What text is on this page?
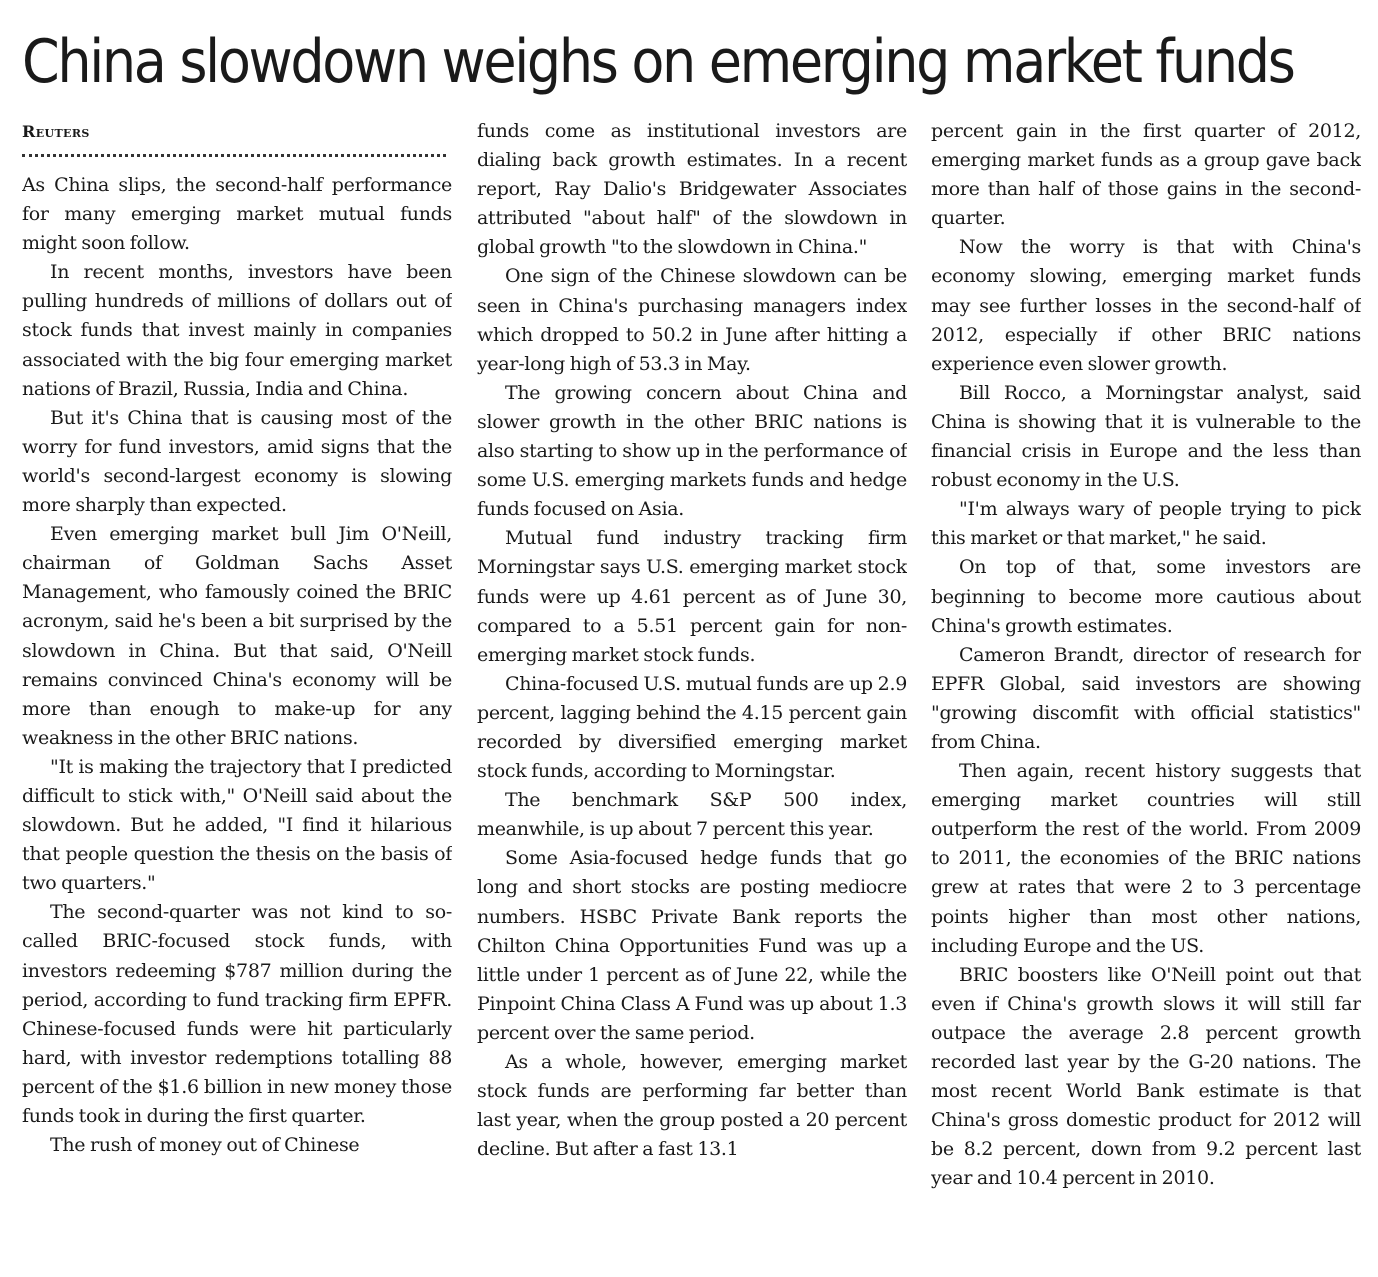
China slowdown weighs on emerging market funds
Reuters

As China slips, the second-half performance for many emerging market mutual funds might soon follow.

In recent months, investors have been pulling hundreds of millions of dollars out of stock funds that invest mainly in companies associated with the big four emerging market nations of Brazil, Russia, India and China.

But it's China that is causing most of the worry for fund investors, amid signs that the world's second-largest economy is slowing more sharply than expected.

Even emerging market bull Jim O'Neill, chairman of Goldman Sachs Asset Management, who famously coined the BRIC acronym, said he's been a bit surprised by the slowdown in China. But that said, O'Neill remains convinced China's economy will be more than enough to make-up for any weakness in the other BRIC nations.

"It is making the trajectory that I predicted difficult to stick with," O'Neill said about the slowdown. But he added, "I find it hilarious that people question the thesis on the basis of two quarters."

The second-quarter was not kind to so-called BRIC-focused stock funds, with investors redeeming $787 million during the period, according to fund tracking firm EPFR. Chinese-focused funds were hit particularly hard, with investor redemptions totalling 88 percent of the $1.6 billion in new money those funds took in during the first quarter.

The rush of money out of Chinese

funds come as institutional investors are dialing back growth estimates. In a recent report, Ray Dalio's Bridgewater Associates attributed "about half" of the slowdown in global growth "to the slowdown in China."

One sign of the Chinese slowdown can be seen in China's purchasing managers index which dropped to 50.2 in June after hitting a year-long high of 53.3 in May.

The growing concern about China and slower growth in the other BRIC nations is also starting to show up in the performance of some U.S. emerging markets funds and hedge funds focused on Asia.

Mutual fund industry tracking firm Morningstar says U.S. emerging market stock funds were up 4.61 percent as of June 30, compared to a 5.51 percent gain for non-emerging market stock funds.

China-focused U.S. mutual funds are up 2.9 percent, lagging behind the 4.15 percent gain recorded by diversified emerging market stock funds, according to Morningstar.

The benchmark S&P 500 index, meanwhile, is up about 7 percent this year.

Some Asia-focused hedge funds that go long and short stocks are posting mediocre numbers. HSBC Private Bank reports the Chilton China Opportunities Fund was up a little under 1 percent as of June 22, while the Pinpoint China Class A Fund was up about 1.3 percent over the same period.

As a whole, however, emerging market stock funds are performing far better than last year, when the group posted a 20 percent decline. But after a fast 13.1

percent gain in the first quarter of 2012, emerging market funds as a group gave back more than half of those gains in the second-quarter.

Now the worry is that with China's economy slowing, emerging market funds may see further losses in the second-half of 2012, especially if other BRIC nations experience even slower growth.

Bill Rocco, a Morningstar analyst, said China is showing that it is vulnerable to the financial crisis in Europe and the less than robust economy in the U.S.

"I'm always wary of people trying to pick this market or that market," he said.

On top of that, some investors are beginning to become more cautious about China's growth estimates.

Cameron Brandt, director of research for EPFR Global, said investors are showing "growing discomfit with official statistics" from China.

Then again, recent history suggests that emerging market countries will still outperform the rest of the world. From 2009 to 2011, the economies of the BRIC nations grew at rates that were 2 to 3 percentage points higher than most other nations, including Europe and the US.

BRIC boosters like O'Neill point out that even if China's growth slows it will still far outpace the average 2.8 percent growth recorded last year by the G-20 nations. The most recent World Bank estimate is that China's gross domestic product for 2012 will be 8.2 percent, down from 9.2 percent last year and 10.4 percent in 2010.
